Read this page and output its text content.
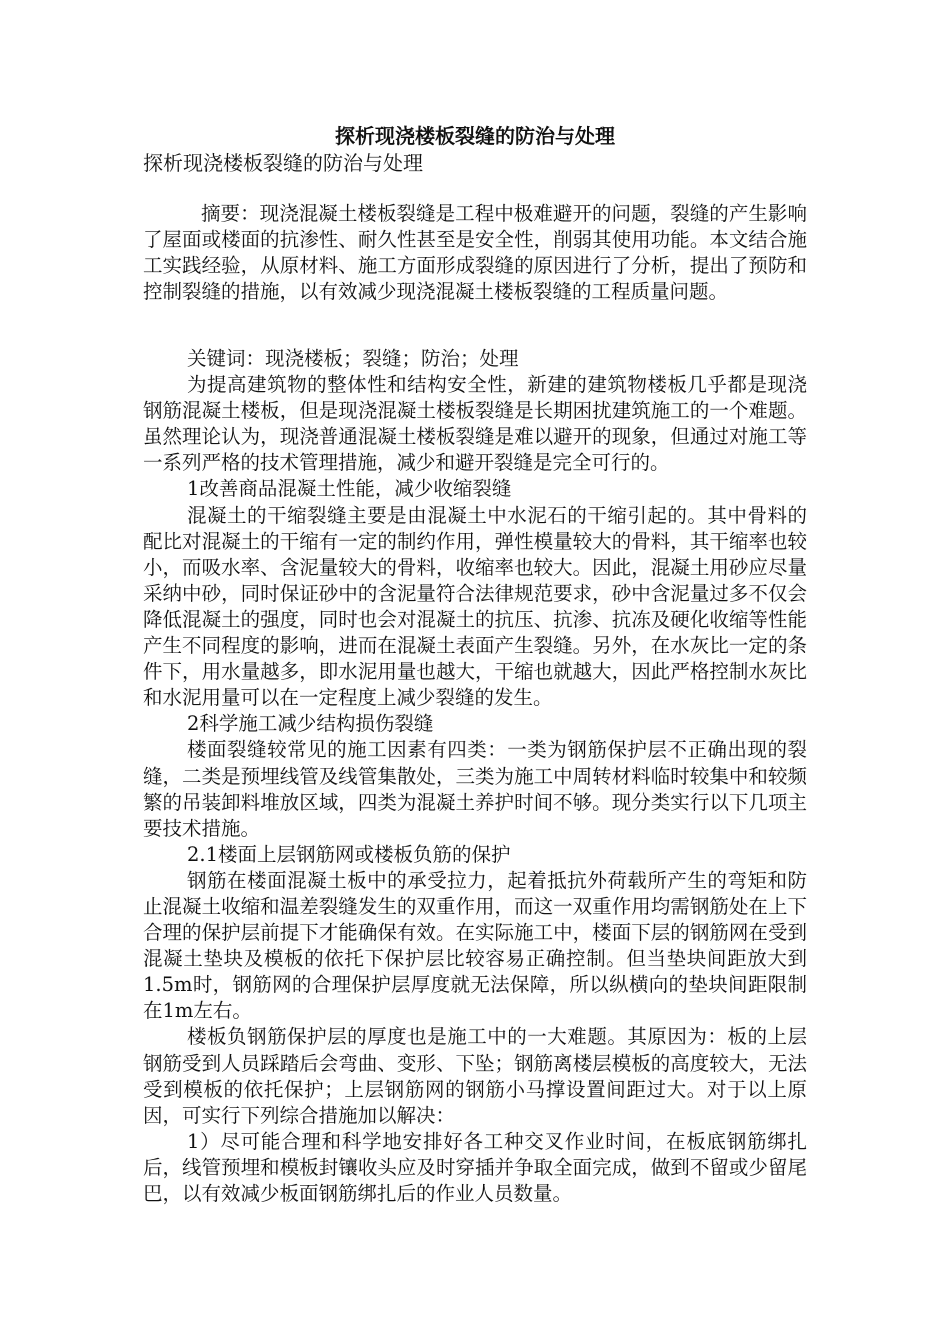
探析现浇楼板裂缝的防治与处理

探析现浇楼板裂缝的防治与处理

摘要：现浇混凝土楼板裂缝是工程中极难避开的问题，裂缝的产生影响了屋面或楼面的抗渗性、耐久性甚至是安全性，削弱其使用功能。本文结合施工实践经验，从原材料、施工方面形成裂缝的原因进行了分析，提出了预防和控制裂缝的措施，以有效减少现浇混凝土楼板裂缝的工程质量问题。

关键词：现浇楼板；裂缝；防治；处理

为提高建筑物的整体性和结构安全性，新建的建筑物楼板几乎都是现浇钢筋混凝土楼板，但是现浇混凝土楼板裂缝是长期困扰建筑施工的一个难题。虽然理论认为，现浇普通混凝土楼板裂缝是难以避开的现象，但通过对施工等一系列严格的技术管理措施，减少和避开裂缝是完全可行的。

1改善商品混凝土性能，减少收缩裂缝

混凝土的干缩裂缝主要是由混凝土中水泥石的干缩引起的。其中骨料的配比对混凝土的干缩有一定的制约作用，弹性模量较大的骨料，其干缩率也较小，而吸水率、含泥量较大的骨料，收缩率也较大。因此，混凝土用砂应尽量采纳中砂，同时保证砂中的含泥量符合法律规范要求，砂中含泥量过多不仅会降低混凝土的强度，同时也会对混凝土的抗压、抗渗、抗冻及硬化收缩等性能产生不同程度的影响，进而在混凝土表面产生裂缝。另外，在水灰比一定的条件下，用水量越多，即水泥用量也越大，干缩也就越大，因此严格控制水灰比和水泥用量可以在一定程度上减少裂缝的发生。

2科学施工减少结构损伤裂缝

楼面裂缝较常见的施工因素有四类：一类为钢筋保护层不正确出现的裂缝，二类是预埋线管及线管集散处，三类为施工中周转材料临时较集中和较频繁的吊装卸料堆放区域，四类为混凝土养护时间不够。现分类实行以下几项主要技术措施。

2.1楼面上层钢筋网或楼板负筋的保护

钢筋在楼面混凝土板中的承受拉力，起着抵抗外荷载所产生的弯矩和防止混凝土收缩和温差裂缝发生的双重作用，而这一双重作用均需钢筋处在上下合理的保护层前提下才能确保有效。在实际施工中，楼面下层的钢筋网在受到混凝土垫块及模板的依托下保护层比较容易正确控制。但当垫块间距放大到1.5m时，钢筋网的合理保护层厚度就无法保障，所以纵横向的垫块间距限制在1m左右。

楼板负钢筋保护层的厚度也是施工中的一大难题。其原因为：板的上层钢筋受到人员踩踏后会弯曲、变形、下坠；钢筋离楼层模板的高度较大，无法受到模板的依托保护；上层钢筋网的钢筋小马撑设置间距过大。对于以上原因，可实行下列综合措施加以解决：

1）尽可能合理和科学地安排好各工种交叉作业时间，在板底钢筋绑扎后，线管预埋和模板封镶收头应及时穿插并争取全面完成，做到不留或少留尾巴，以有效减少板面钢筋绑扎后的作业人员数量。
